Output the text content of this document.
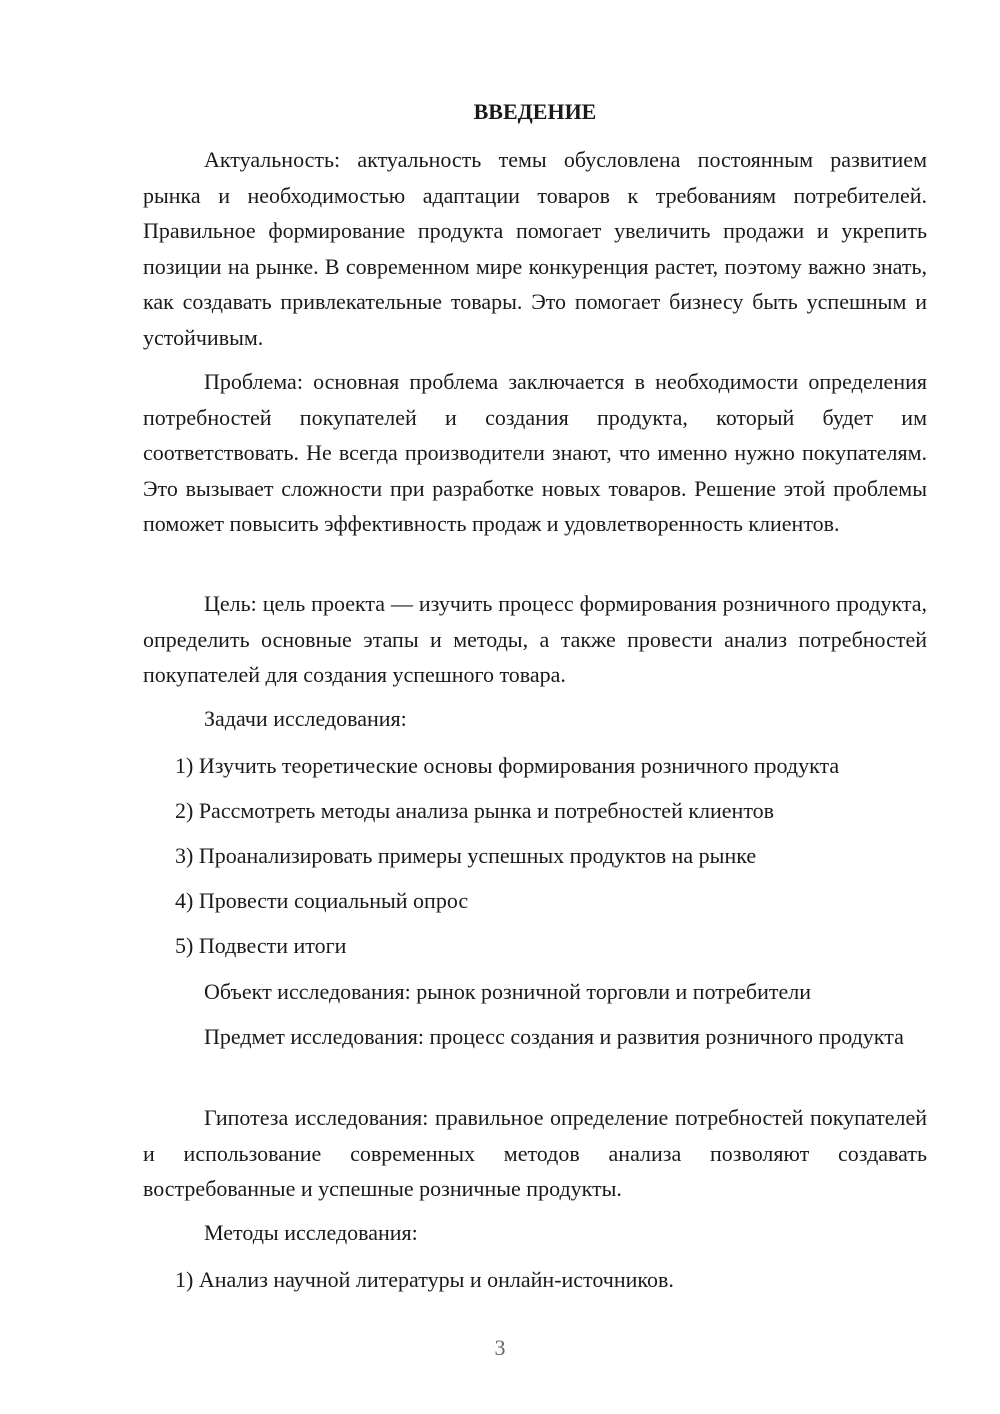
ВВЕДЕНИЕ

Актуальность: актуальность темы обусловлена постоянным развитием рынка и необходимостью адаптации товаров к требованиям потребителей. Правильное формирование продукта помогает увеличить продажи и укрепить позиции на рынке. В современном мире конкуренция растет, поэтому важно знать, как создавать привлекательные товары. Это помогает бизнесу быть успешным и устойчивым.

Проблема: основная проблема заключается в необходимости определения потребностей покупателей и создания продукта, который будет им соответствовать. Не всегда производители знают, что именно нужно покупателям. Это вызывает сложности при разработке новых товаров. Решение этой проблемы поможет повысить эффективность продаж и удовлетворенность клиентов.

Цель: цель проекта — изучить процесс формирования розничного продукта, определить основные этапы и методы, а также провести анализ потребностей покупателей для создания успешного товара.

Задачи исследования:

1) Изучить теоретические основы формирования розничного продукта

2) Рассмотреть методы анализа рынка и потребностей клиентов

3) Проанализировать примеры успешных продуктов на рынке

4) Провести социальный опрос

5) Подвести итоги

Объект исследования: рынок розничной торговли и потребители

Предмет исследования: процесс создания и развития розничного продукта

Гипотеза исследования: правильное определение потребностей покупателей и использование современных методов анализа позволяют создавать востребованные и успешные розничные продукты.

Методы исследования:

1) Анализ научной литературы и онлайн-источников.

3
